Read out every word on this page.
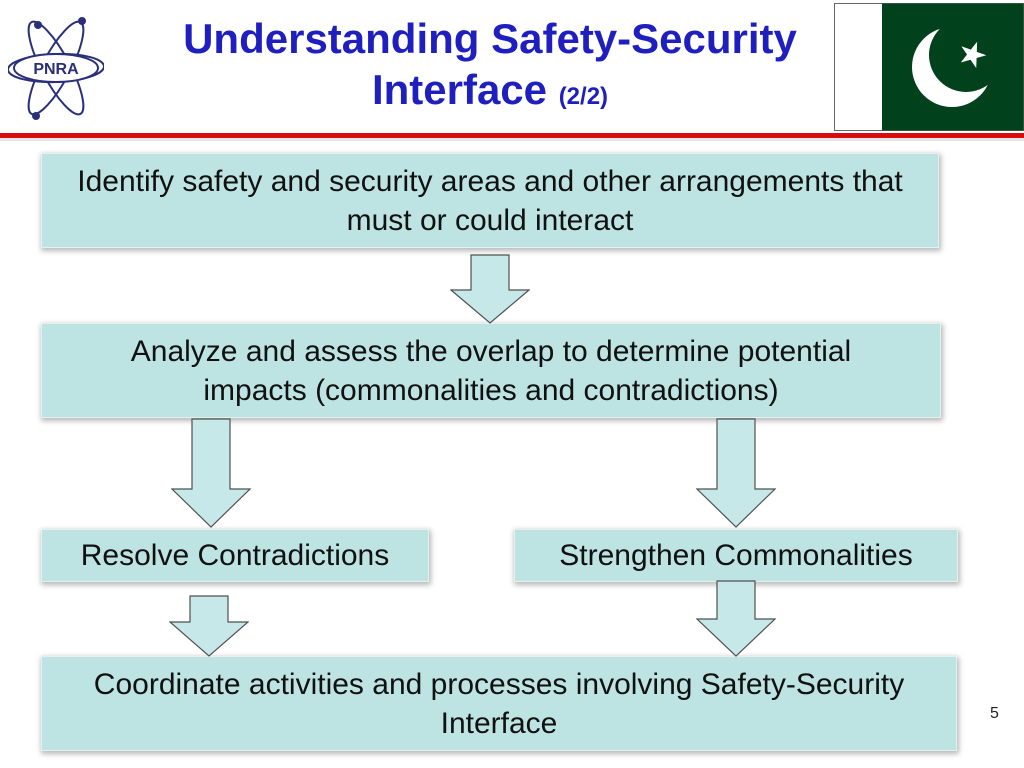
PNRA
Understanding Safety-Security
Interface (2/2)
Identify safety and security areas and other arrangements that must or could interact
Analyze and assess the overlap to determine potential impacts (commonalities and contradictions)
Resolve Contradictions	Strengthen Commonalities
Coordinate activities and processes involving Safety-Security Interface	5
